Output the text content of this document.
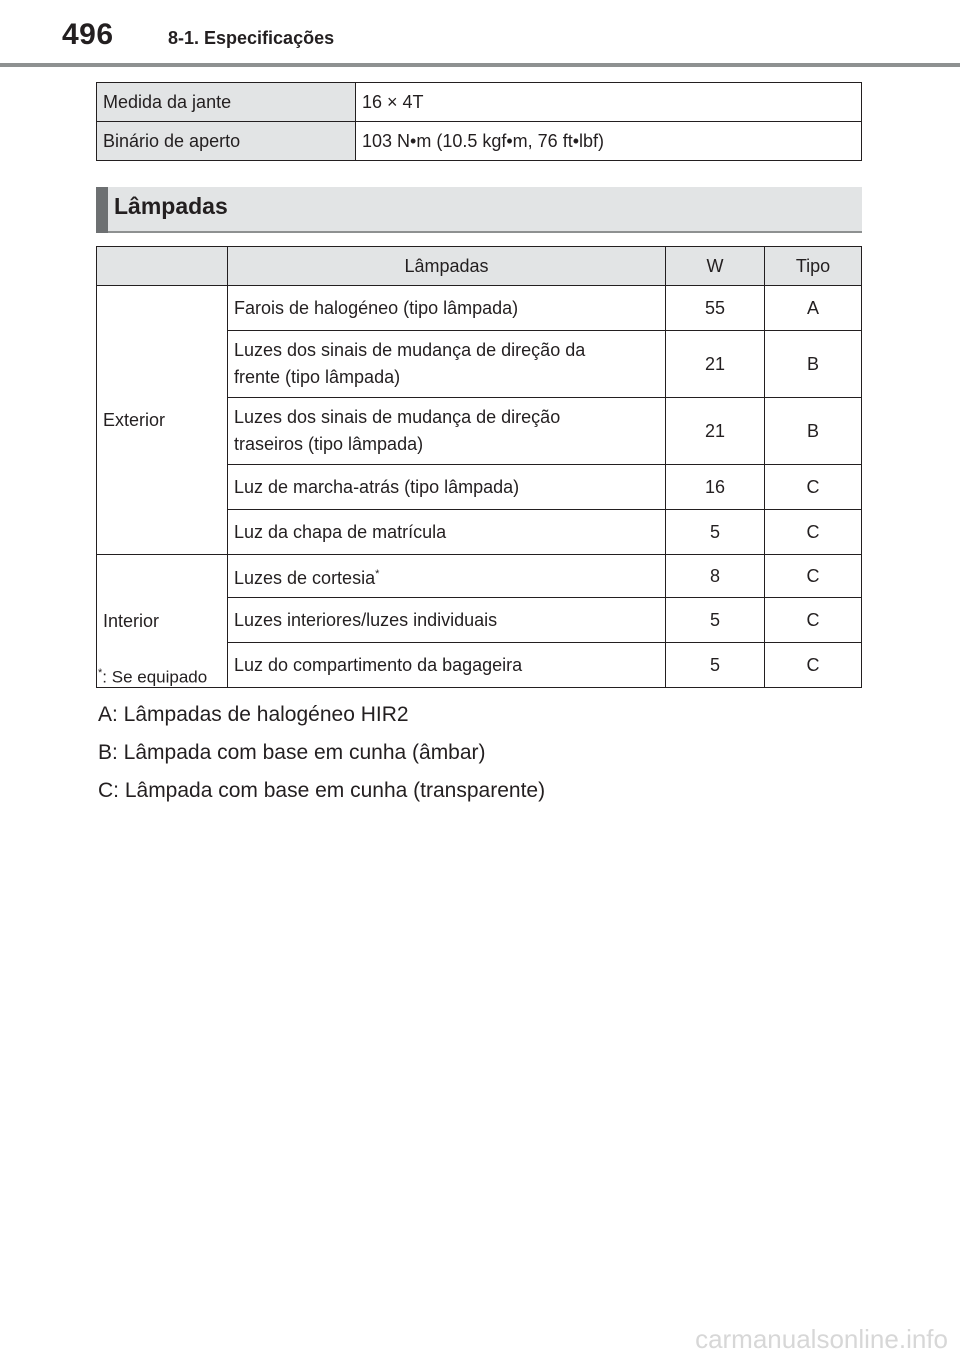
496	8-1. Especificações
Medida da jante	16 × 4T
Binário de aperto	103 N•m (10.5 kgf•m, 76 ft•lbf)
Lâmpadas
	Lâmpadas	W	Tipo
Exterior	Farois de halogéneo (tipo lâmpada)	55	A
	Luzes dos sinais de mudança de direção da
frente (tipo lâmpada)	21	B
	Luzes dos sinais de mudança de direção
traseiros (tipo lâmpada)	21	B
	Luz de marcha-atrás (tipo lâmpada)	16	C
	Luz da chapa de matrícula	5	C
Interior	Luzes de cortesia*	8	C
	Luzes interiores/luzes individuais	5	C
	Luz do compartimento da bagageira	5	C
*: Se equipado
A: Lâmpadas de halogéneo HIR2
B: Lâmpada com base em cunha (âmbar)
C: Lâmpada com base em cunha (transparente)
carmanualsonline.info
